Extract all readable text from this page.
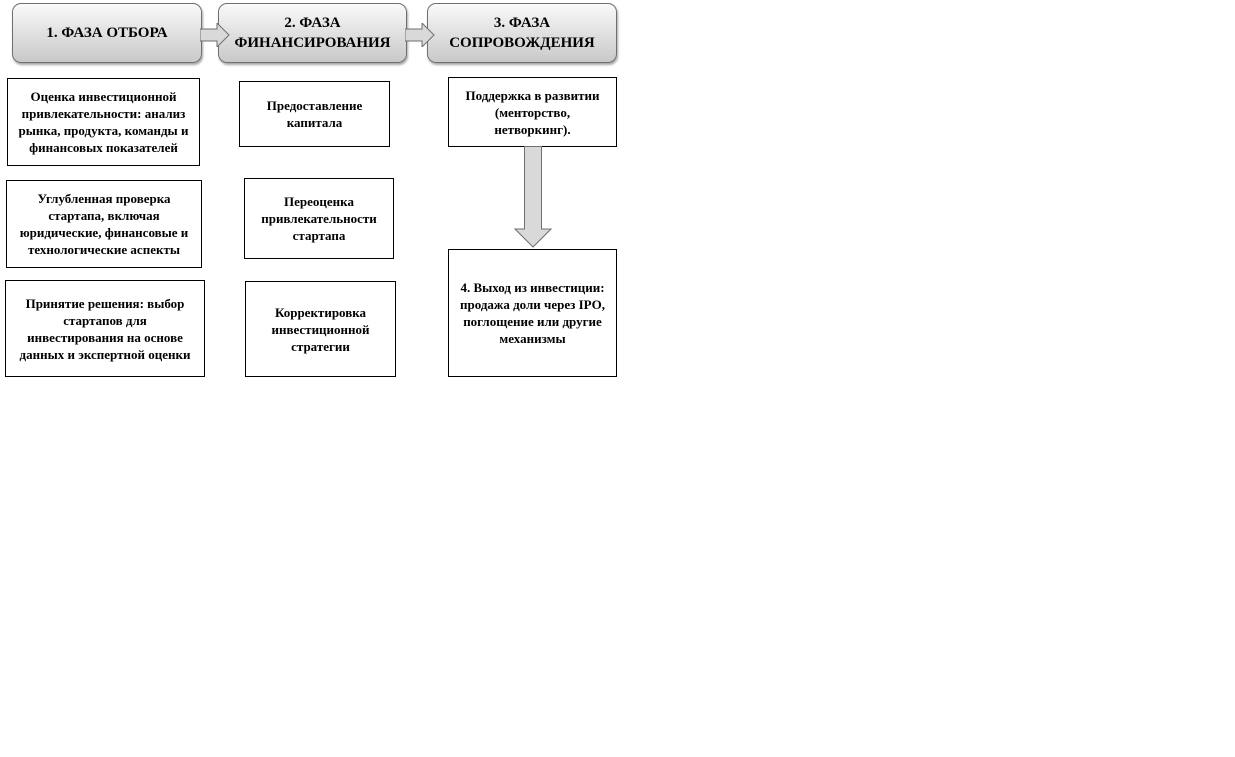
1. ФАЗА ОТБОРА
2. ФАЗА ФИНАНСИРОВАНИЯ
3. ФАЗА СОПРОВОЖДЕНИЯ
Оценка инвестиционной привлекательности: анализ рынка, продукта, команды и финансовых показателей
Углубленная проверка стартапа, включая юридические, финансовые и технологические аспекты
Принятие решения: выбор стартапов для инвестирования на основе данных и экспертной оценки
Предоставление капитала
Переоценка привлекательности стартапа
Корректировка инвестиционной стратегии
Поддержка в развитии (менторство, нетворкинг).
4. Выход из инвестиции: продажа доли через IPO, поглощение или другие механизмы
